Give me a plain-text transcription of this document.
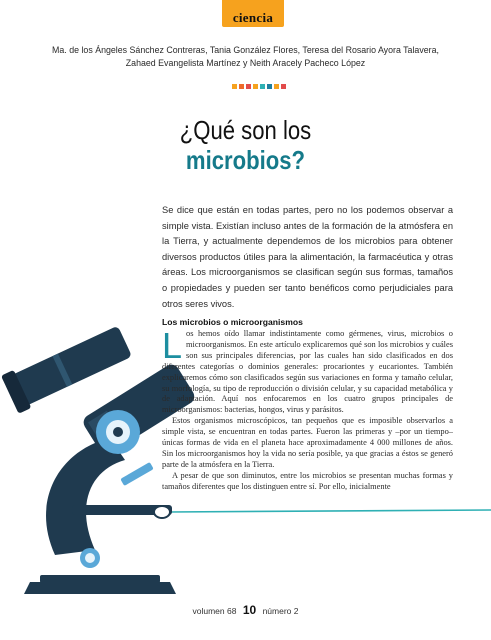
ciencia
Ma. de los Ángeles Sánchez Contreras, Tania González Flores, Teresa del Rosario Ayora Talavera,
Zahaed Evangelista Martínez y Neith Aracely Pacheco López
¿Qué son los
microbios?

Se dice que están en todas partes, pero no los podemos observar a simple vista. Existían incluso antes de la formación de la atmósfera en la Tierra, y actualmente dependemos de los microbios para obtener diversos productos útiles para la alimentación, la farmacéutica y otras áreas. Los microorganismos se clasifican según sus formas, tamaños o propiedades y pueden ser tanto benéficos como perjudiciales para otros seres vivos.

Los microbios o microorganismos

Los hemos oído llamar indistintamente como gérmenes, virus, microbios o microorganismos. En este artículo explicaremos qué son los microbios y cuáles son sus principales diferencias, por las cuales han sido clasificados en dos diferentes categorías o dominios generales: procariontes y eucariontes. También explicaremos cómo son clasificados según sus variaciones en forma y tamaño celular, su morfología, su tipo de reproducción o división celular, y su capacidad metabólica y de adaptación. Aquí nos enfocaremos en los cuatro grupos principales de microorganismos: bacterias, hongos, virus y parásitos.

Estos organismos microscópicos, tan pequeños que es imposible observarlos a simple vista, se encuentran en todas partes. Fueron las primeras y –por un tiempo– únicas formas de vida en el planeta hace aproximadamente 4 000 millones de años. Sin los microorganismos hoy la vida no sería posible, ya que gracias a éstos se generó parte de la atmósfera en la Tierra.

A pesar de que son diminutos, entre los microbios se presentan muchas formas y tamaños diferentes que los distinguen entre sí. Por ello, inicialmente

volumen 68 10 número 2
